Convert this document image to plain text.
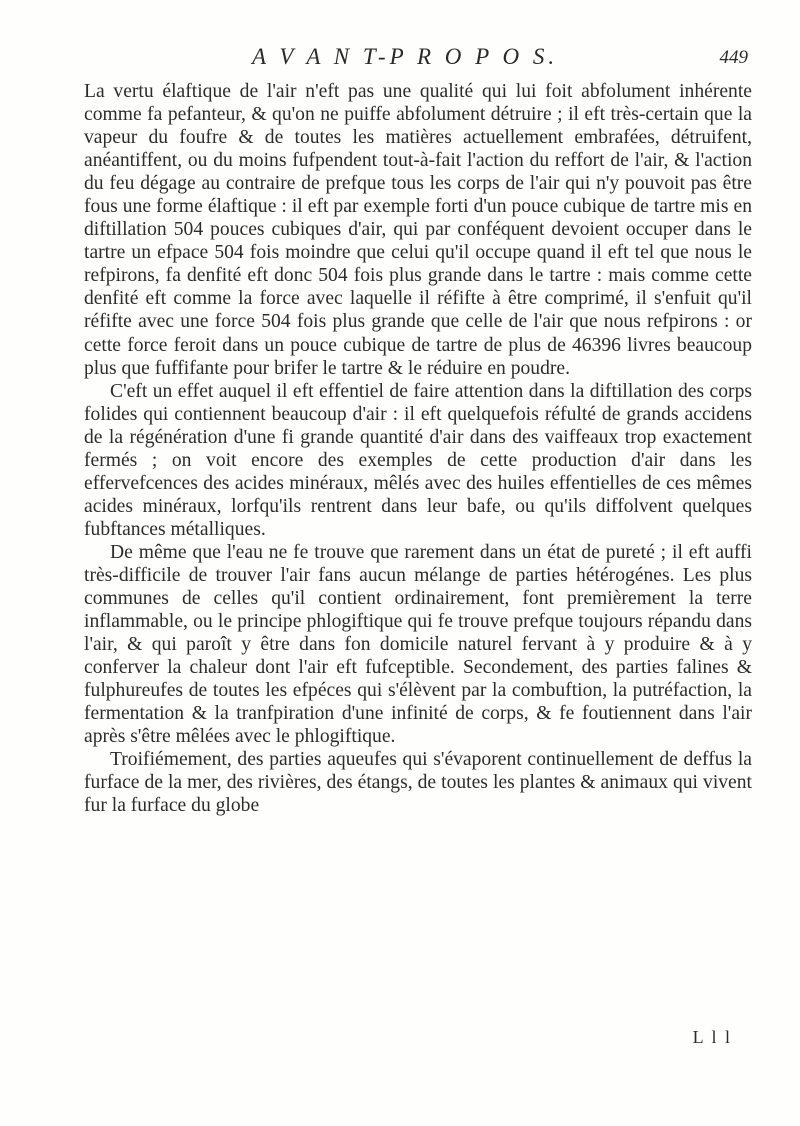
A V A N T-P R O P O S.	449

La vertu élaftique de l'air n'eft pas une qualité qui lui foit abfolument inhérente comme fa pefanteur, & qu'on ne puiffe abfolument détruire ; il eft très-certain que la vapeur du foufre & de toutes les matières actuellement embrafées, détruifent, anéantiffent, ou du moins fufpendent tout-à-fait l'action du reffort de l'air, & l'action du feu dégage au contraire de prefque tous les corps de l'air qui n'y pouvoit pas être fous une forme élaftique : il eft par exemple forti d'un pouce cubique de tartre mis en diftillation 504 pouces cubiques d'air, qui par conféquent devoient occuper dans le tartre un efpace 504 fois moindre que celui qu'il occupe quand il eft tel que nous le refpirons, fa denfité eft donc 504 fois plus grande dans le tartre : mais comme cette denfité eft comme la force avec laquelle il réfifte à être comprimé, il s'enfuit qu'il réfifte avec une force 504 fois plus grande que celle de l'air que nous refpirons : or cette force feroit dans un pouce cubique de tartre de plus de 46396 livres beaucoup plus que fuffifante pour brifer le tartre & le réduire en poudre.

C'eft un effet auquel il eft effentiel de faire attention dans la diftillation des corps folides qui contiennent beaucoup d'air : il eft quelquefois réfulté de grands accidens de la régénération d'une fi grande quantité d'air dans des vaiffeaux trop exactement fermés ; on voit encore des exemples de cette production d'air dans les effervefcences des acides minéraux, mêlés avec des huiles effentielles de ces mêmes acides minéraux, lorfqu'ils rentrent dans leur bafe, ou qu'ils diffolvent quelques fubftances métalliques.

De même que l'eau ne fe trouve que rarement dans un état de pureté ; il eft auffi très-difficile de trouver l'air fans aucun mélange de parties hétérogénes. Les plus communes de celles qu'il contient ordinairement, font premièrement la terre inflammable, ou le principe phlogiftique qui fe trouve prefque toujours répandu dans l'air, & qui paroît y être dans fon domicile naturel fervant à y produire & à y conferver la chaleur dont l'air eft fufceptible. Secondement, des parties falines & fulphureufes de toutes les efpéces qui s'élèvent par la combuftion, la putréfaction, la fermentation & la tranfpiration d'une infinité de corps, & fe foutiennent dans l'air après s'être mêlées avec le phlogiftique.

Troifiémement, des parties aqueufes qui s'évaporent continuellement de deffus la furface de la mer, des rivières, des étangs, de toutes les plantes & animaux qui vivent fur la furface du globe

L l l
